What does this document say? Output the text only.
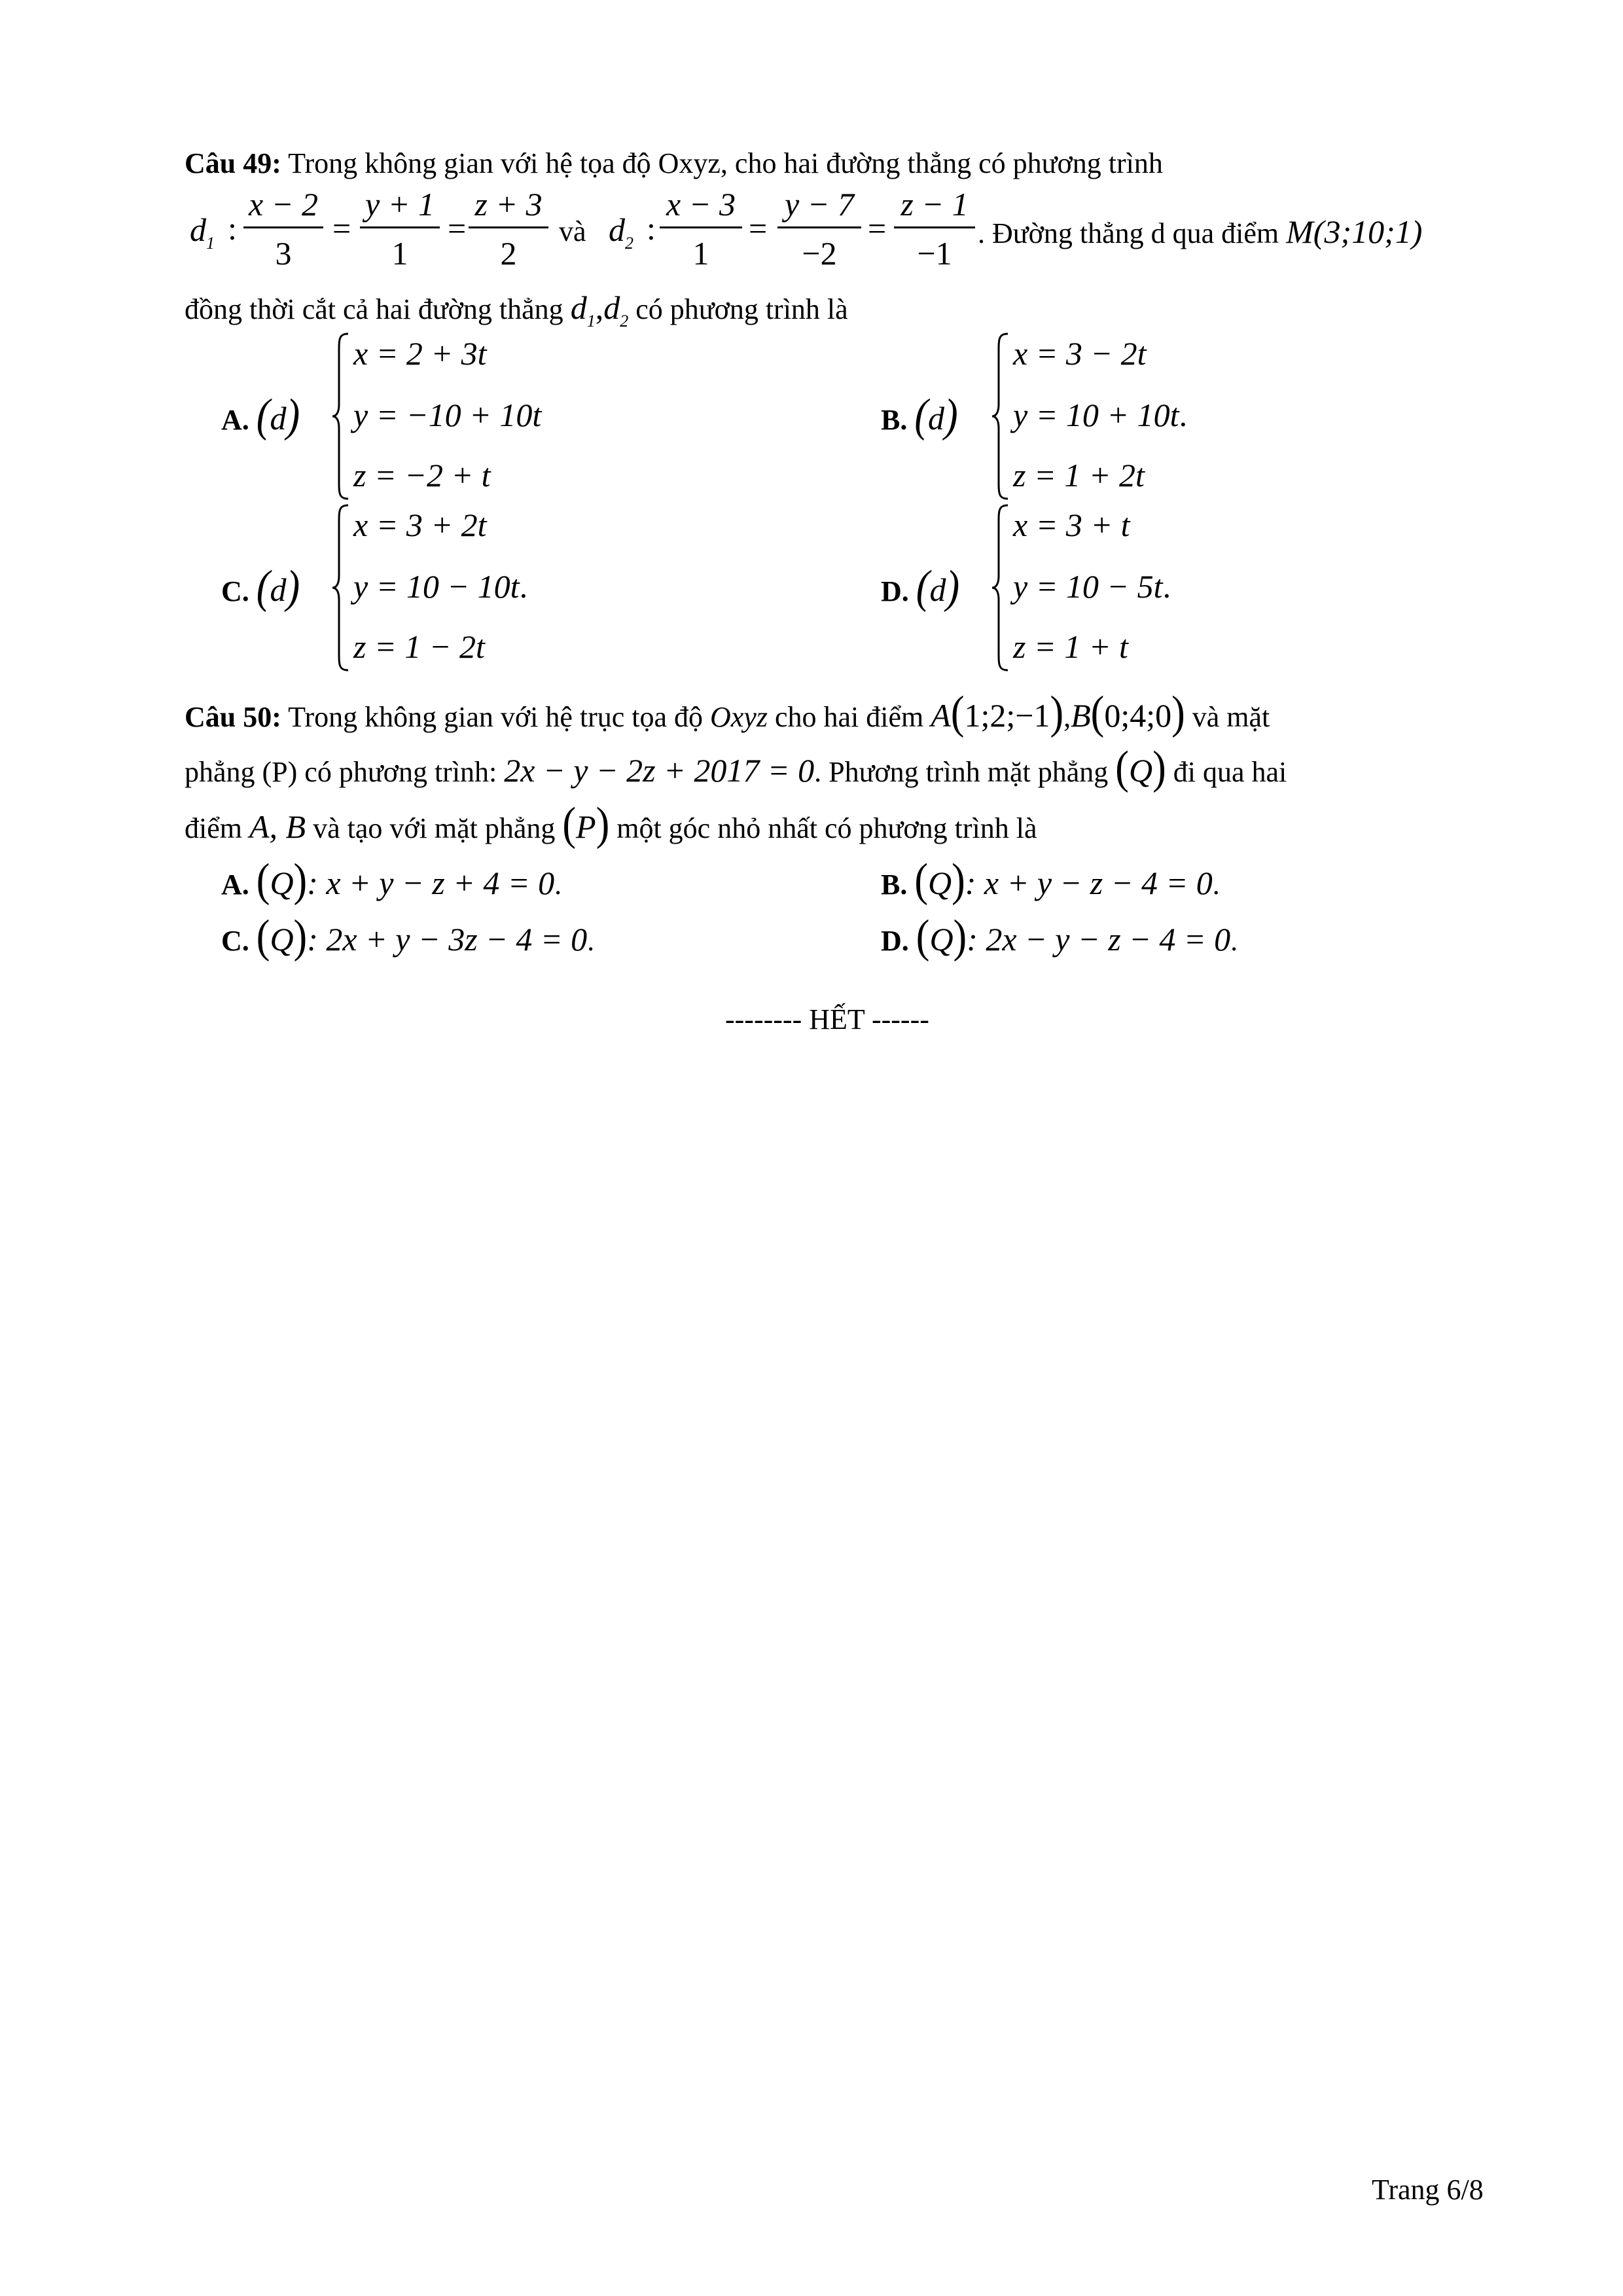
Câu 49: Trong không gian với hệ tọa độ Oxyz, cho hai đường thẳng có phương trình
$d_1$ :
x − 2
3
=
y + 1
1
=
z + 3
2
và $d_2$ :
x − 3
1
=
y − 7
−2
=
z − 1
−1
. Đường thẳng d qua điểm M(3;10;1)
đồng thời cắt cả hai đường thẳng $d_1,d_2$ có phương trình là
A. (d)
x = 2 + 3t
y = −10 + 10t
z = −2 + t
B. (d)
x = 3 − 2t
y = 10 + 10t.
z = 1 + 2t
C. (d)
x = 3 + 2t
y = 10 − 10t.
z = 1 − 2t
D. (d)
x = 3 + t
y = 10 − 5t.
z = 1 + t
Câu 50: Trong không gian với hệ trục tọa độ Oxyz cho hai điểm A(1;2;−1),B(0;4;0) và mặt
phẳng (P) có phương trình: 2x − y − 2z + 2017 = 0. Phương trình mặt phẳng (Q) đi qua hai
điểm A, B và tạo với mặt phẳng (P) một góc nhỏ nhất có phương trình là
A. (Q): x + y − z + 4 = 0.	B. (Q): x + y − z − 4 = 0.
C. (Q): 2x + y − 3z − 4 = 0.	D. (Q): 2x − y − z − 4 = 0.
-------- HẾT ------
Trang 6/8
